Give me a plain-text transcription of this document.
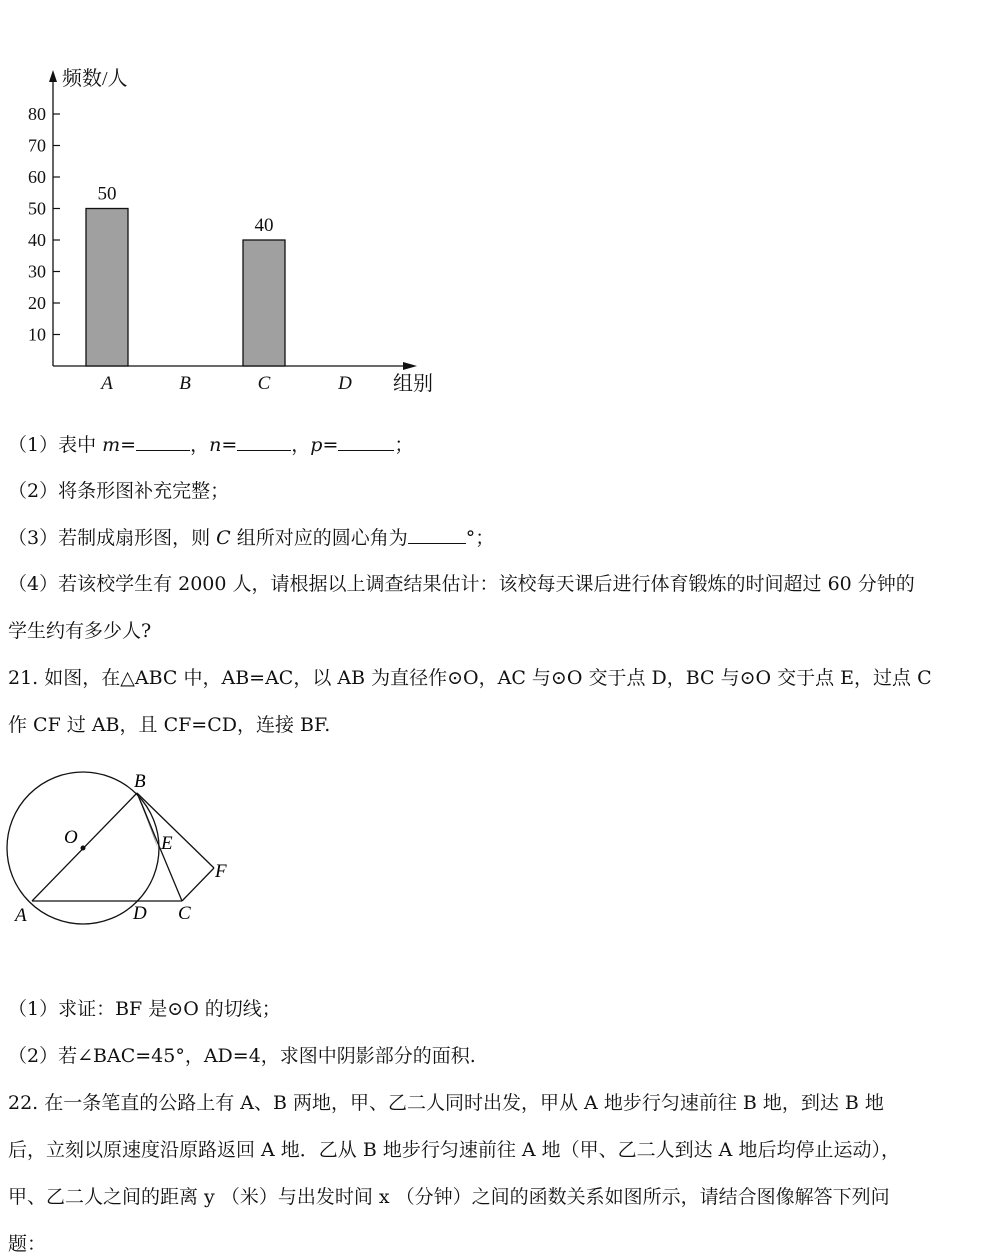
频数/人
组别
10
20
30
40
50
60
70
80
A	B	C	D
50
40
（1）表中 m=	，n=	，p=	；
（2）将条形图补充完整；
（3）若制成扇形图，则 C 组所对应的圆心角为	°；
（4）若该校学生有 2000 人，请根据以上调查结果估计：该校每天课后进行体育锻炼的时间超过 60 分钟的
学生约有多少人?
21. 如图，在△ABC 中，AB=AC，以 AB 为直径作⊙O，AC 与⊙O 交于点 D，BC 与⊙O 交于点 E，过点 C
作 CF 过 AB，且 CF=CD，连接 BF.
B
O	E
F
A	D C
（1）求证：BF 是⊙O 的切线；
（2）若∠BAC=45°，AD=4，求图中阴影部分的面积.
22. 在一条笔直的公路上有 A、B 两地，甲、乙二人同时出发，甲从 A 地步行匀速前往 B 地，到达 B 地
后，立刻以原速度沿原路返回 A 地．乙从 B 地步行匀速前往 A 地（甲、乙二人到达 A 地后均停止运动），
甲、乙二人之间的距离 y （米）与出发时间 x （分钟）之间的函数关系如图所示，请结合图像解答下列问
题：
